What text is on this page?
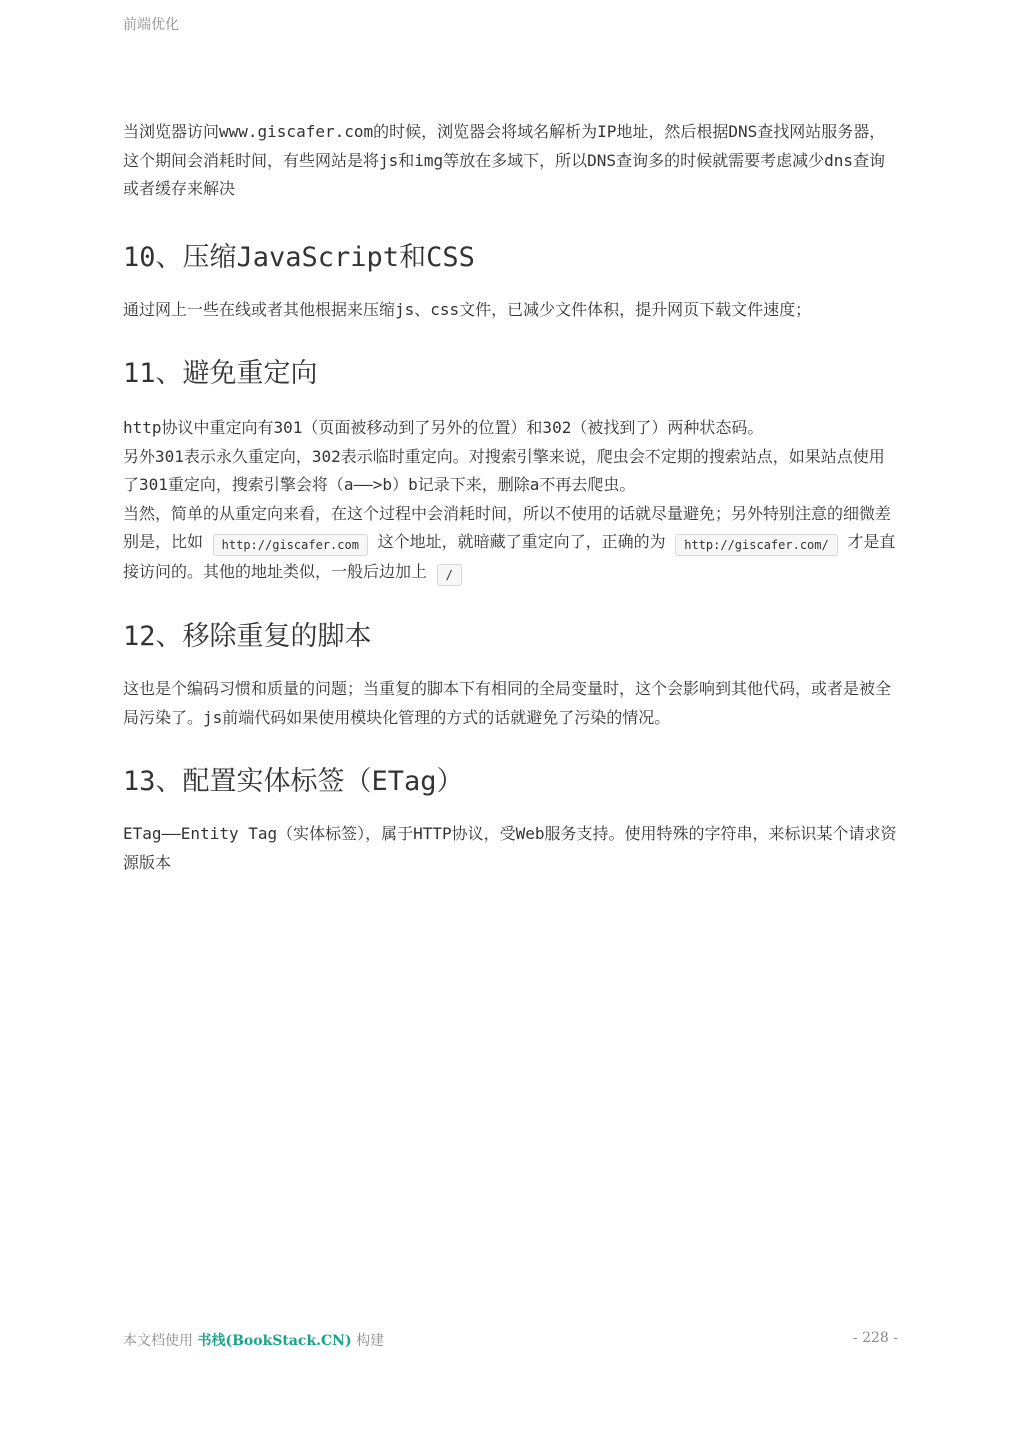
前端优化

当浏览器访问www.giscafer.com的时候，浏览器会将域名解析为IP地址，然后根据DNS查找网站服务器，这个期间会消耗时间，有些网站是将js和img等放在多域下，所以DNS查询多的时候就需要考虑减少dns查询或者缓存来解决

10、压缩JavaScript和CSS

通过网上一些在线或者其他根据来压缩js、css文件，已减少文件体积，提升网页下载文件速度；

11、避免重定向

http协议中重定向有301（页面被移动到了另外的位置）和302（被找到了）两种状态码。
另外301表示永久重定向，302表示临时重定向。对搜索引擎来说，爬虫会不定期的搜索站点，如果站点使用了301重定向，搜索引擎会将（a——>b）b记录下来，删除a不再去爬虫。
当然，简单的从重定向来看，在这个过程中会消耗时间，所以不使用的话就尽量避免；另外特别注意的细微差别是，比如 http://giscafer.com 这个地址，就暗藏了重定向了，正确的为 http://giscafer.com/ 才是直接访问的。其他的地址类似，一般后边加上 /

12、移除重复的脚本

这也是个编码习惯和质量的问题；当重复的脚本下有相同的全局变量时，这个会影响到其他代码，或者是被全局污染了。js前端代码如果使用模块化管理的方式的话就避免了污染的情况。

13、配置实体标签（ETag）

ETag——Entity Tag（实体标签），属于HTTP协议，受Web服务支持。使用特殊的字符串，来标识某个请求资源版本

本文档使用 书栈(BookStack.CN) 构建	- 228 -
